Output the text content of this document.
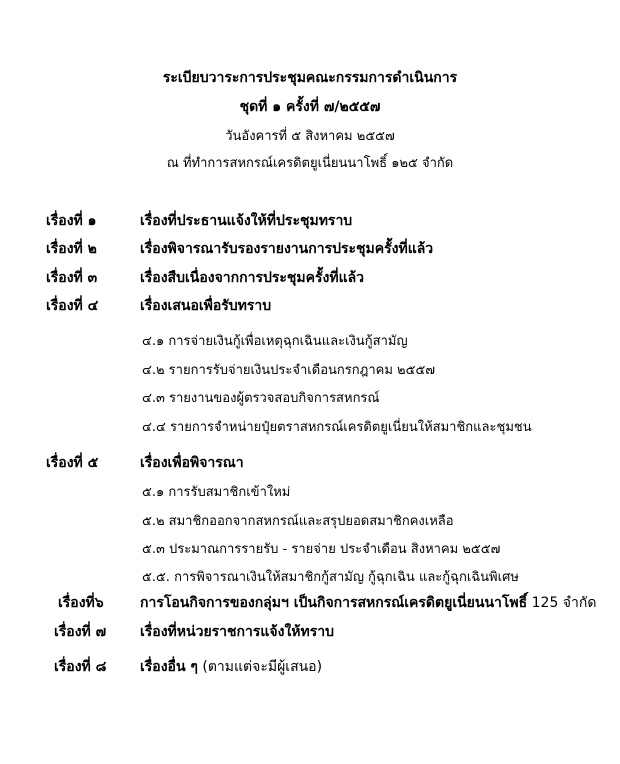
ระเบียบวาระการประชุมคณะกรรมการดำเนินการ
ชุดที่ ๑ ครั้งที่ ๗/๒๕๕๗
วันอังคารที่ ๕ สิงหาคม ๒๕๕๗
ณ ที่ทำการสหกรณ์เครดิตยูเนี่ยนนาโพธิ์ ๑๒๕ จำกัด
เรื่องที่ ๑	เรื่องที่ประธานแจ้งให้ที่ประชุมทราบ
เรื่องที่ ๒	เรื่องพิจารณารับรองรายงานการประชุมครั้งที่แล้ว
เรื่องที่ ๓	เรื่องสืบเนื่องจากการประชุมครั้งที่แล้ว
เรื่องที่ ๔	เรื่องเสนอเพื่อรับทราบ
๔.๑ การจ่ายเงินกู้เพื่อเหตุฉุกเฉินและเงินกู้สามัญ
๔.๒ รายการรับจ่ายเงินประจำเดือนกรกฎาคม ๒๕๕๗
๔.๓ รายงานของผู้ตรวจสอบกิจการสหกรณ์
๔.๔ รายการจำหน่ายปุ๋ยตราสหกรณ์เครดิตยูเนี่ยนให้สมาชิกและชุมชน
เรื่องที่ ๕	เรื่องเพื่อพิจารณา
๕.๑ การรับสมาชิกเข้าใหม่
๕.๒ สมาชิกออกจากสหกรณ์และสรุปยอดสมาชิกคงเหลือ
๕.๓ ประมาณการรายรับ - รายจ่าย ประจำเดือน สิงหาคม ๒๕๕๗
๕.๕. การพิจารณาเงินให้สมาชิกกู้สามัญ กู้ฉุกเฉิน และกู้ฉุกเฉินพิเศษ
เรื่องที่๖	การโอนกิจการของกลุ่มฯ เป็นกิจการสหกรณ์เครดิตยูเนี่ยนนาโพธิ์ 125 จำกัด
เรื่องที่ ๗ เรื่องที่หน่วยราชการแจ้งให้ทราบ
เรื่องที่ ๘ เรื่องอื่น ๆ (ตามแต่จะมีผู้เสนอ)
